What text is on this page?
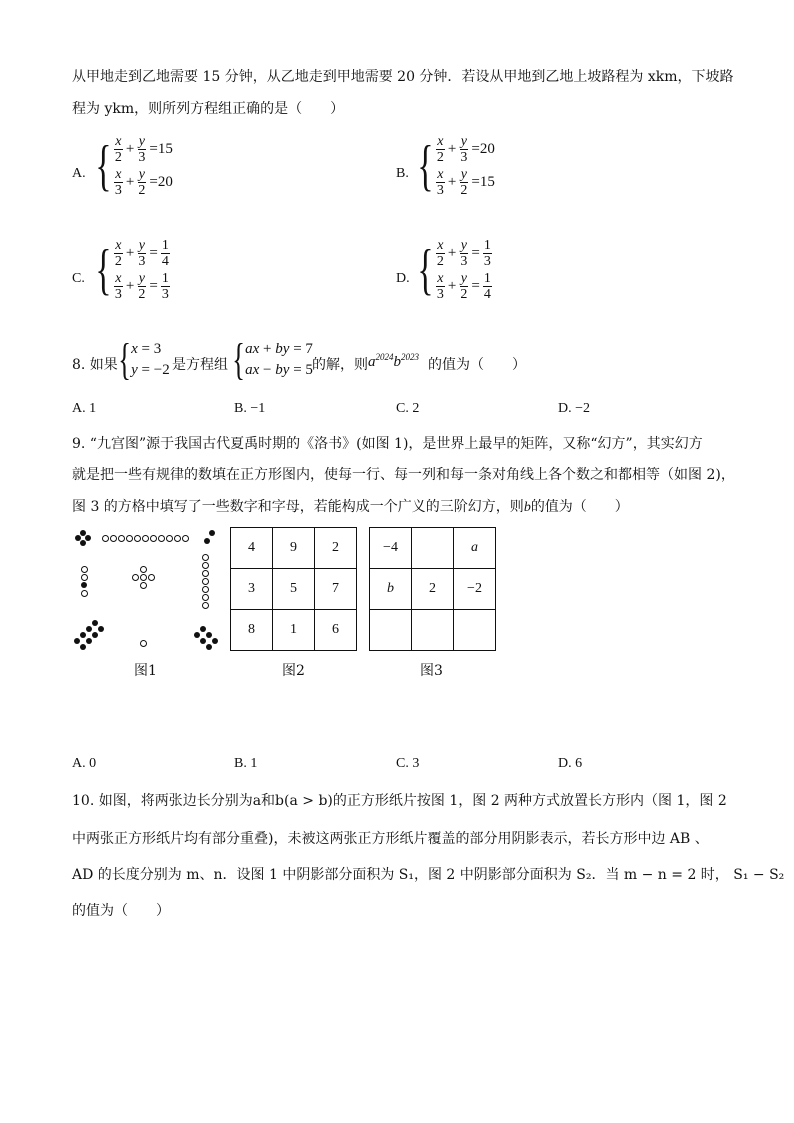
从甲地走到乙地需要 15 分钟，从乙地走到甲地需要 20 分钟．若设从甲地到乙地上坡路程为 xkm，下坡路
程为 ykm，则所列方程组正确的是（　　）
A. { $\frac{x}{2} + \frac{y}{3} =15$
$\frac{x}{3} + \frac{y}{2} =20$
B. { $\frac{x}{2} + \frac{y}{3} =20$
$\frac{x}{3} + \frac{y}{2} =15$
C. { $\frac{x}{2} + \frac{y}{3} = \frac{1}{4}$
$\frac{x}{3} + \frac{y}{2} = \frac{1}{3}$	D. { $\frac{x}{2} + \frac{y}{3} = \frac{1}{3}$
$\frac{x}{3} + \frac{y}{2} = \frac{1}{4}$
8. 如果 { x = 3
y = −2 是方程组 { ax + by = 7
ax − by = 5 的解，则 $a^{2024}b^{2023}$ 的值为（　　）
A. 1	B. −1	C. 2	D. −2
9. “九宫图”源于我国古代夏禹时期的《洛书》(如图 1)，是世界上最早的矩阵，又称“幻方”，其实幻方
就是把一些有规律的数填在正方形图内，使每一行、每一列和每一条对角线上各个数之和都相等（如图 2)，
图 3 的方格中填写了一些数字和字母，若能构成一个广义的三阶幻方，则b的值为（　　）
图1
4	9	2
3	5	7
8	1	6
图2
−4		a
b	2	−2

图3
A. 0	B. 1	C. 3	D. 6
10. 如图，将两张边长分别为a和b(a > b)的正方形纸片按图 1，图 2 两种方式放置长方形内（图 1，图 2
中两张正方形纸片均有部分重叠)，未被这两张正方形纸片覆盖的部分用阴影表示，若长方形中边 AB 、
AD 的长度分别为 m、n．设图 1 中阴影部分面积为 S₁，图 2 中阴影部分面积为 S₂．当 m − n = 2 时， S₁ − S₂
的值为（　　）
